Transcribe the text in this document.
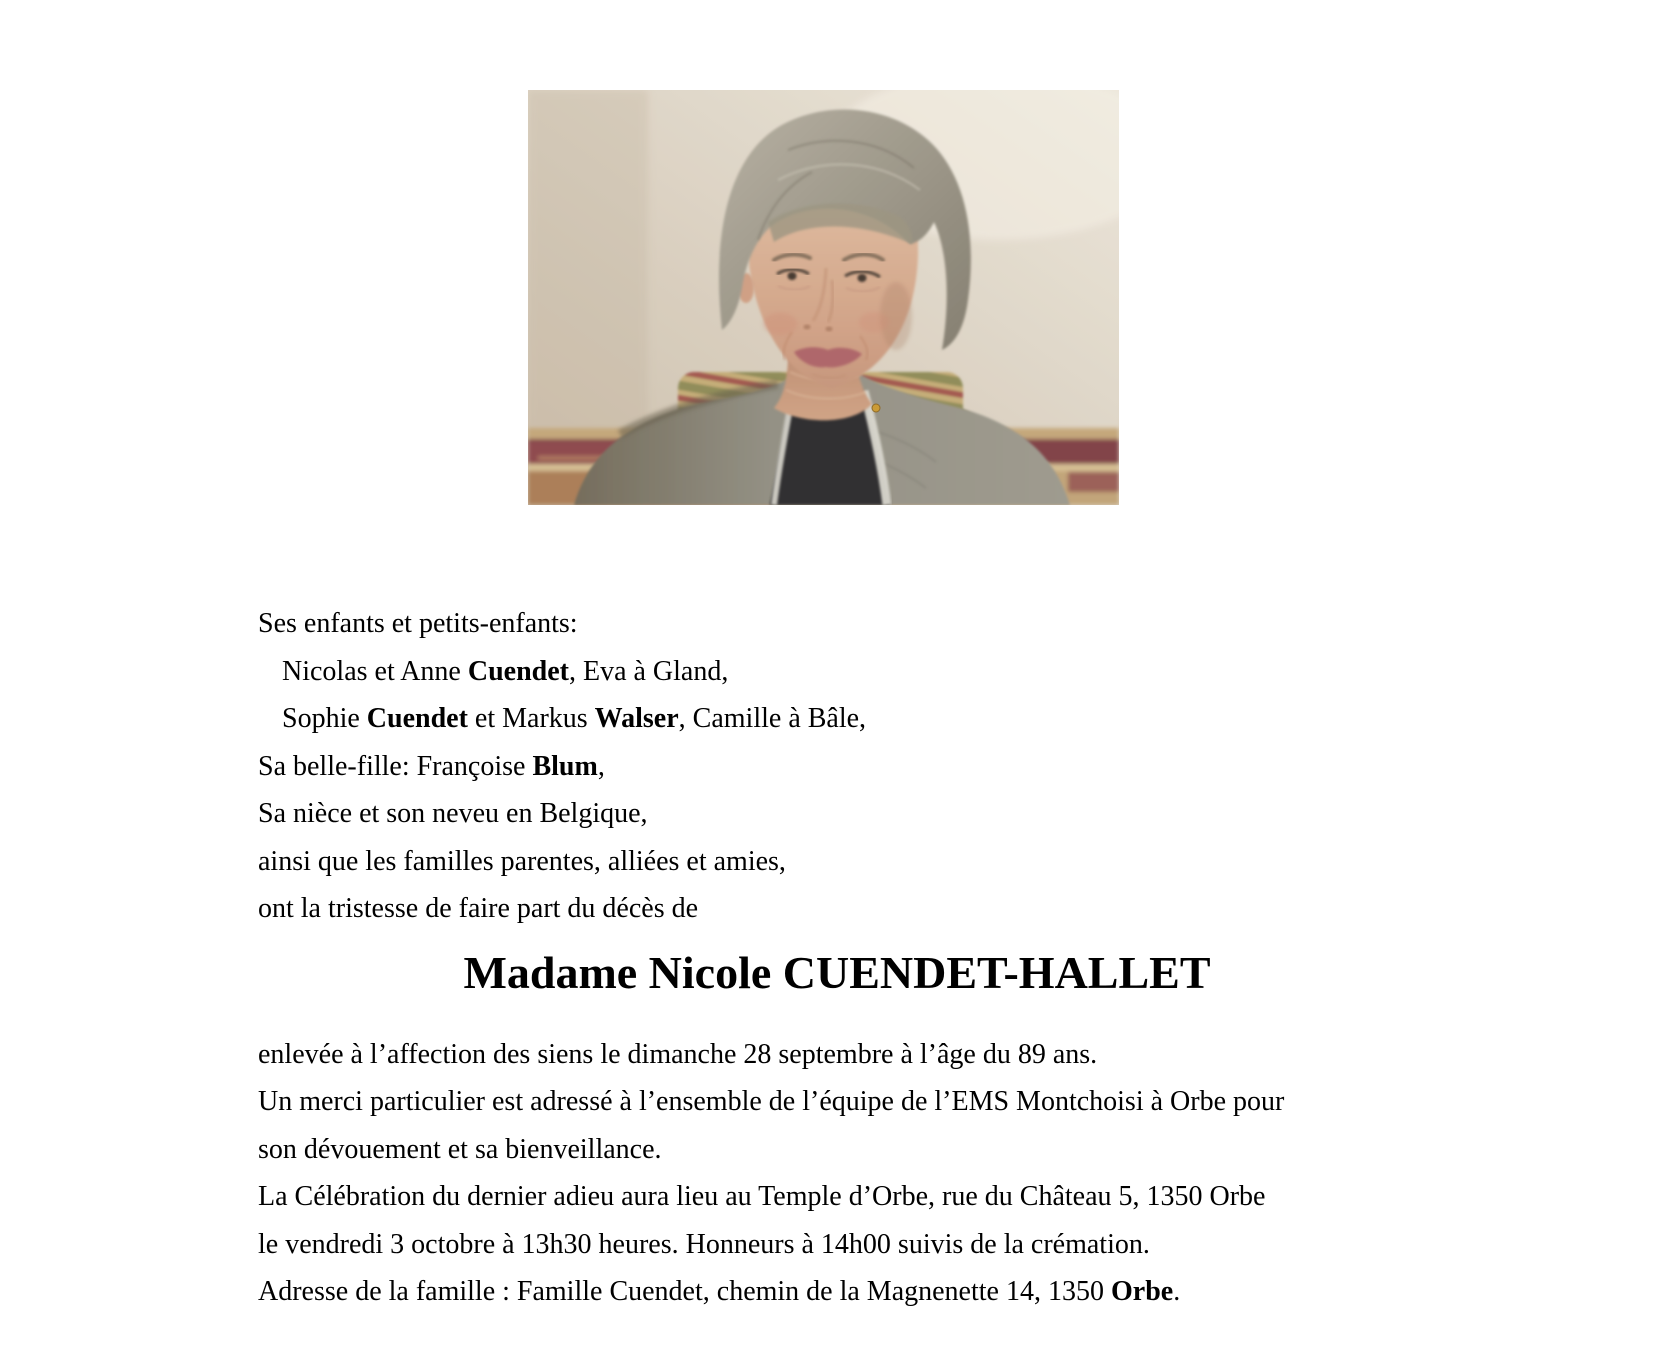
Ses enfants et petits-enfants:

Nicolas et Anne Cuendet, Eva à Gland,

Sophie Cuendet et Markus Walser, Camille à Bâle,

Sa belle-fille: Françoise Blum,

Sa nièce et son neveu en Belgique,

ainsi que les familles parentes, alliées et amies,

ont la tristesse de faire part du décès de

Madame Nicole CUENDET-HALLET

enlevée à l’affection des siens le dimanche 28 septembre à l’âge du 89 ans.

Un merci particulier est adressé à l’ensemble de l’équipe de l’EMS Montchoisi à Orbe pour

son dévouement et sa bienveillance.

La Célébration du dernier adieu aura lieu au Temple d’Orbe, rue du Château 5, 1350 Orbe

le vendredi 3 octobre à 13h30 heures. Honneurs à 14h00 suivis de la crémation.

Adresse de la famille : Famille Cuendet, chemin de la Magnenette 14, 1350 Orbe.
